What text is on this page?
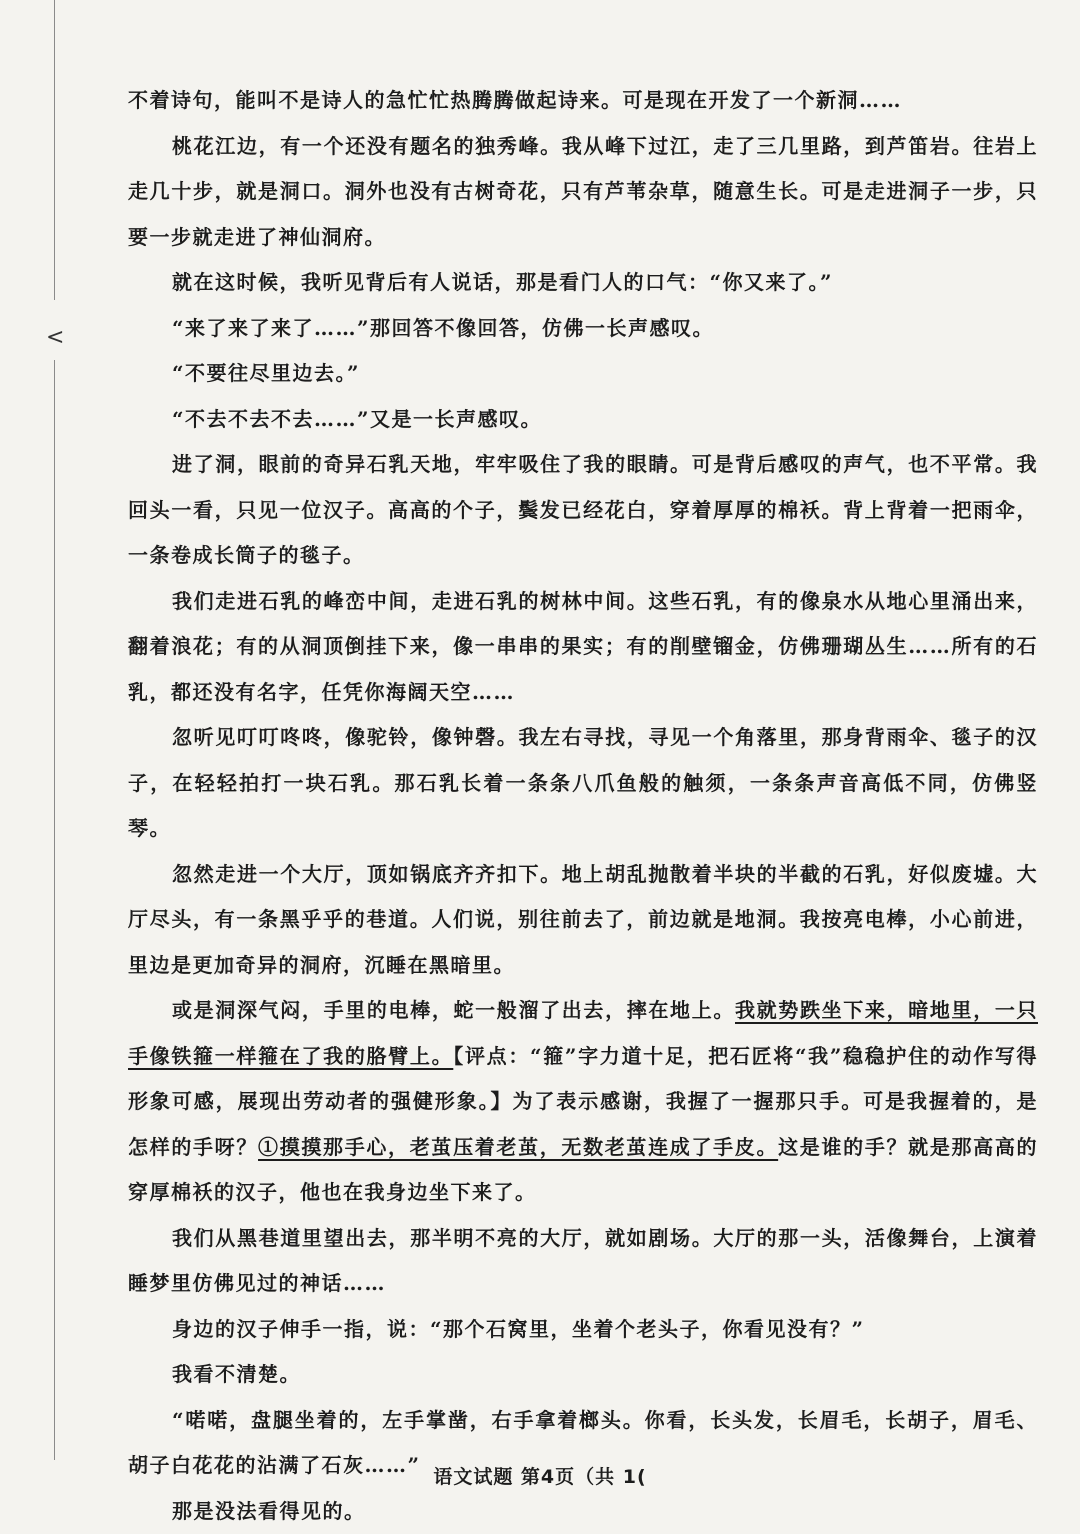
<

不着诗句，能叫不是诗人的急忙忙热腾腾做起诗来。可是现在开发了一个新洞……

桃花江边，有一个还没有题名的独秀峰。我从峰下过江，走了三几里路，到芦笛岩。往岩上走几十步，就是洞口。洞外也没有古树奇花，只有芦苇杂草，随意生长。可是走进洞子一步，只要一步就走进了神仙洞府。

就在这时候，我听见背后有人说话，那是看门人的口气：“你又来了。”

“来了来了来了……”那回答不像回答，仿佛一长声感叹。

“不要往尽里边去。”

“不去不去不去……”又是一长声感叹。

进了洞，眼前的奇异石乳天地，牢牢吸住了我的眼睛。可是背后感叹的声气，也不平常。我回头一看，只见一位汉子。高高的个子，鬓发已经花白，穿着厚厚的棉袄。背上背着一把雨伞，一条卷成长筒子的毯子。

我们走进石乳的峰峦中间，走进石乳的树林中间。这些石乳，有的像泉水从地心里涌出来，翻着浪花；有的从洞顶倒挂下来，像一串串的果实；有的削壁镏金，仿佛珊瑚丛生……所有的石乳，都还没有名字，任凭你海阔天空……

忽听见叮叮咚咚，像驼铃，像钟磬。我左右寻找，寻见一个角落里，那身背雨伞、毯子的汉子，在轻轻拍打一块石乳。那石乳长着一条条八爪鱼般的触须，一条条声音高低不同，仿佛竖琴。

忽然走进一个大厅，顶如锅底齐齐扣下。地上胡乱抛散着半块的半截的石乳，好似废墟。大厅尽头，有一条黑乎乎的巷道。人们说，别往前去了，前边就是地洞。我按亮电棒，小心前进，里边是更加奇异的洞府，沉睡在黑暗里。

或是洞深气闷，手里的电棒，蛇一般溜了出去，摔在地上。我就势跌坐下来，暗地里，一只手像铁箍一样箍在了我的胳臂上。【评点：“箍”字力道十足，把石匠将“我”稳稳护住的动作写得形象可感，展现出劳动者的强健形象。】为了表示感谢，我握了一握那只手。可是我握着的，是怎样的手呀？①摸摸那手心，老茧压着老茧，无数老茧连成了手皮。这是谁的手？就是那高高的穿厚棉袄的汉子，他也在我身边坐下来了。

我们从黑巷道里望出去，那半明不亮的大厅，就如剧场。大厅的那一头，活像舞台，上演着睡梦里仿佛见过的神话……

身边的汉子伸手一指，说：“那个石窝里，坐着个老头子，你看见没有？”

我看不清楚。

“喏喏，盘腿坐着的，左手掌凿，右手拿着榔头。你看，长头发，长眉毛，长胡子，眉毛、胡子白花花的沾满了石灰……”

那是没法看得见的。

语文试题 第4页（共 1(
